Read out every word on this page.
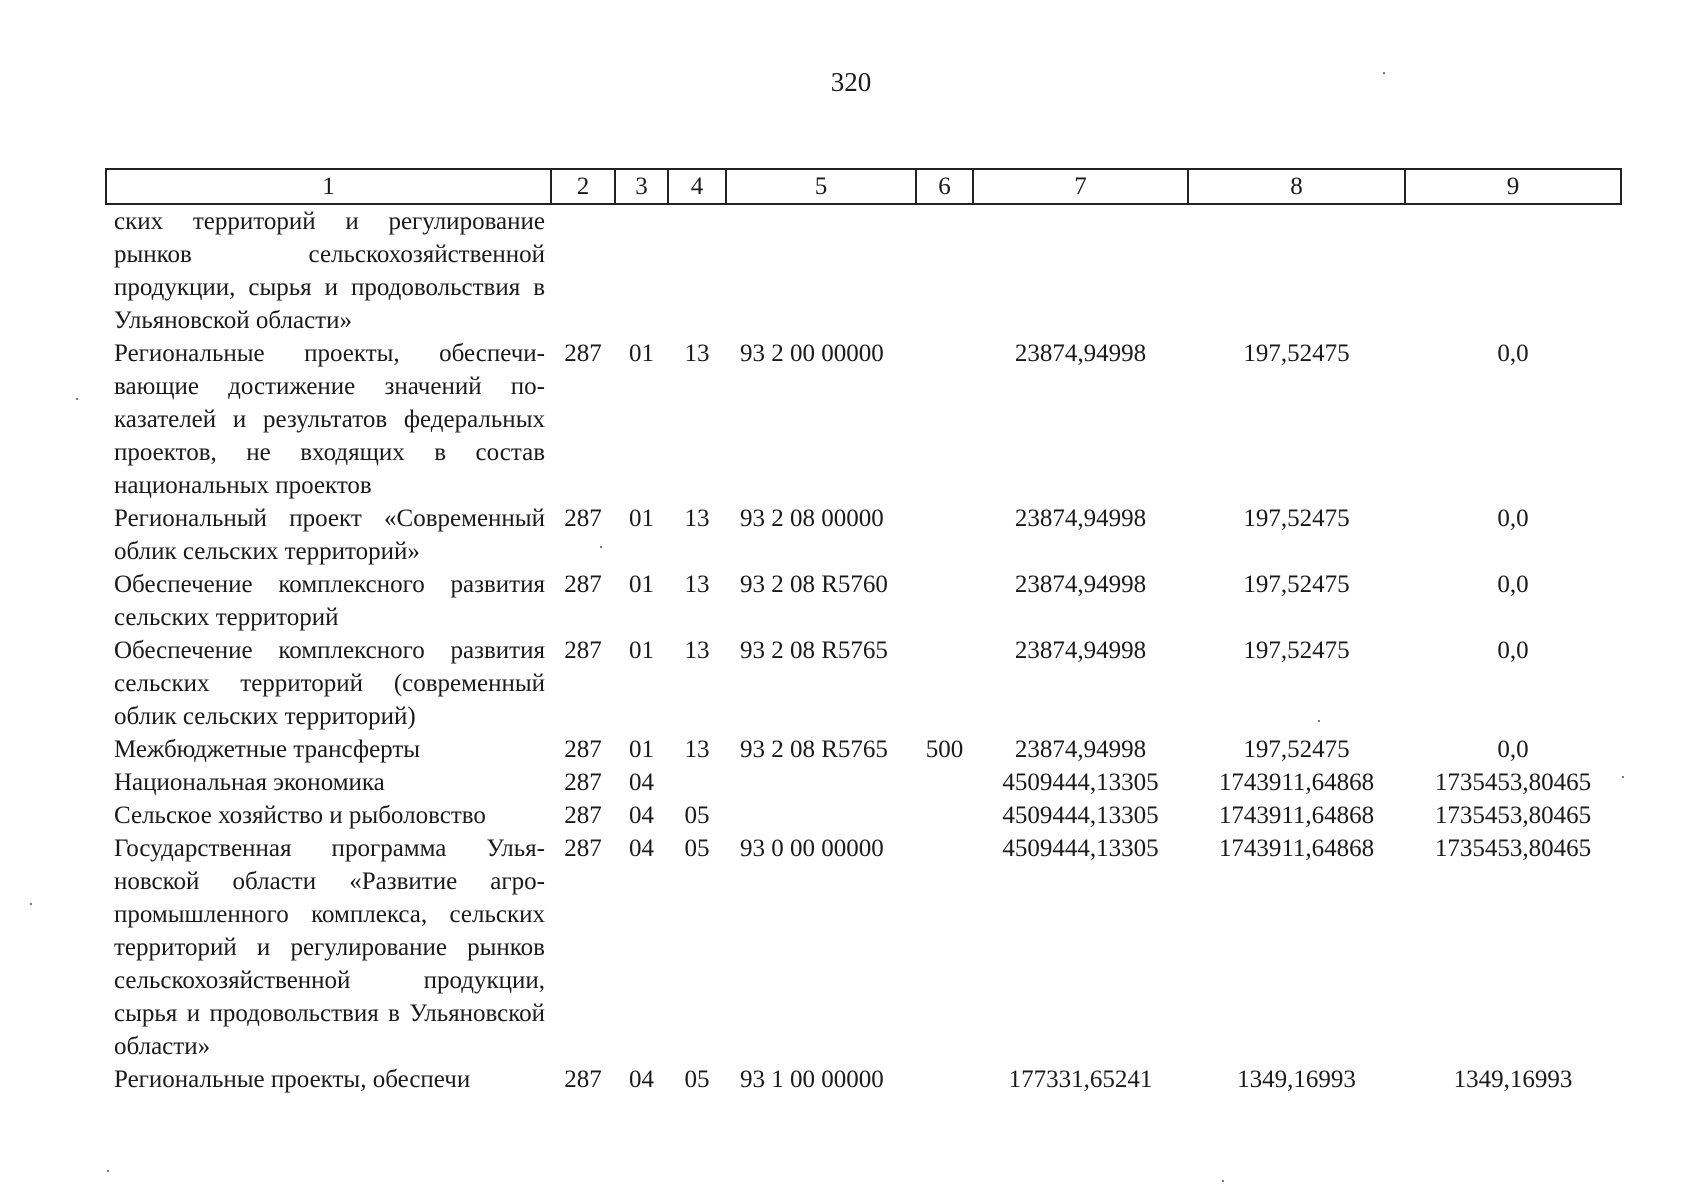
320
1	2	3	4	5	6	7	8	9
ских территорий и регулирование рынков сельскохозяйственной продукции, сырья и продовольствия в Ульяновской области»								
Региональные проекты, обеспечивающие достижение значений показателей и результатов федеральных проектов, не входящих в состав национальных проектов	287	01	13	93 2 00 00000		23874,94998	197,52475	0,0
Региональный проект «Современный облик сельских территорий»	287	01	13	93 2 08 00000		23874,94998	197,52475	0,0
Обеспечение комплексного развития сельских территорий	287	01	13	93 2 08 R5760		23874,94998	197,52475	0,0
Обеспечение комплексного развития сельских территорий (современный облик сельских территорий)	287	01	13	93 2 08 R5765		23874,94998	197,52475	0,0
Межбюджетные трансферты	287	01	13	93 2 08 R5765	500	23874,94998	197,52475	0,0
Национальная экономика	287	04				4509444,13305	1743911,64868	1735453,80465
Сельское хозяйство и рыболовство	287	04	05			4509444,13305	1743911,64868	1735453,80465
Государственная программа Ульяновской области «Развитие агропромышленного комплекса, сельских территорий и регулирование рынков сельскохозяйственной продукции, сырья и продовольствия в Ульяновской области»	287	04	05	93 0 00 00000		4509444,13305	1743911,64868	1735453,80465
Региональные проекты, обеспечи	287	04	05	93 1 00 00000		177331,65241	1349,16993	1349,16993
